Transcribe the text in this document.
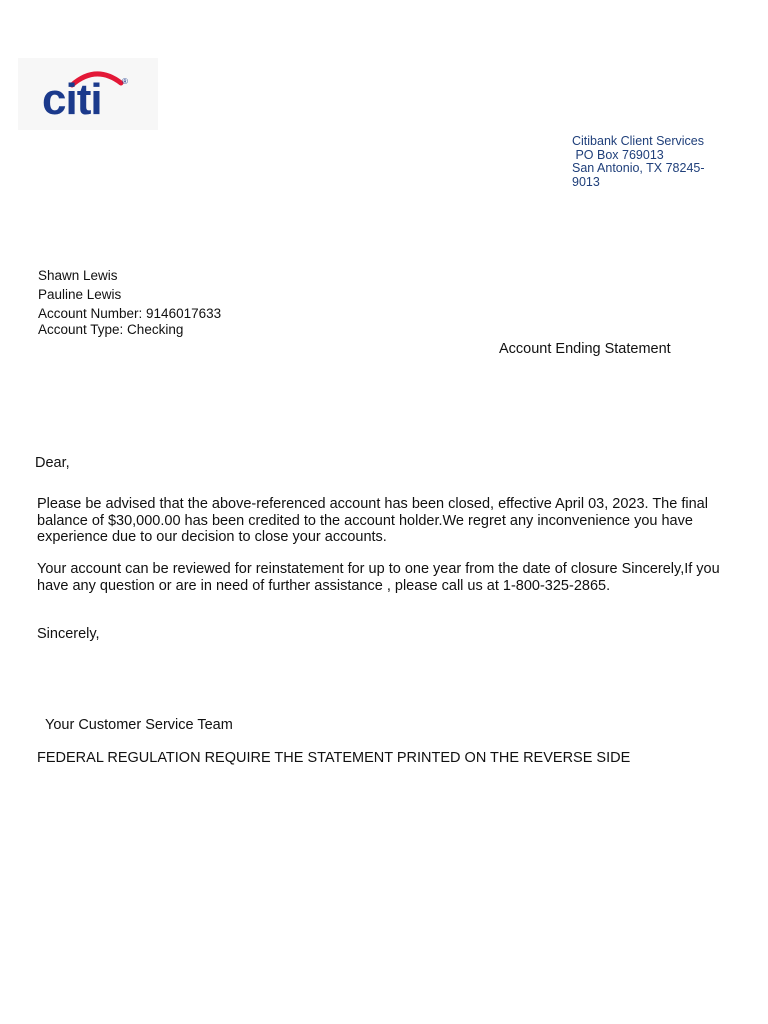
citi	®
Citibank Client Services
PO Box 769013
San Antonio, TX 78245-9013
Shawn Lewis
Pauline Lewis
Account Number: 9146017633
Account Type: Checking
Account Ending Statement
Dear,
Please be advised that the above-referenced account has been closed, effective April 03, 2023. The final balance of $30,000.00 has been credited to the account holder.We regret any inconvenience you have experience due to our decision to close your accounts.
Your account can be reviewed for reinstatement for up to one year from the date of closure Sincerely,If you have any question or are in need of further assistance , please call us at 1-800-325-2865.
Sincerely,
Your Customer Service Team
FEDERAL REGULATION REQUIRE THE STATEMENT PRINTED ON THE REVERSE SIDE
